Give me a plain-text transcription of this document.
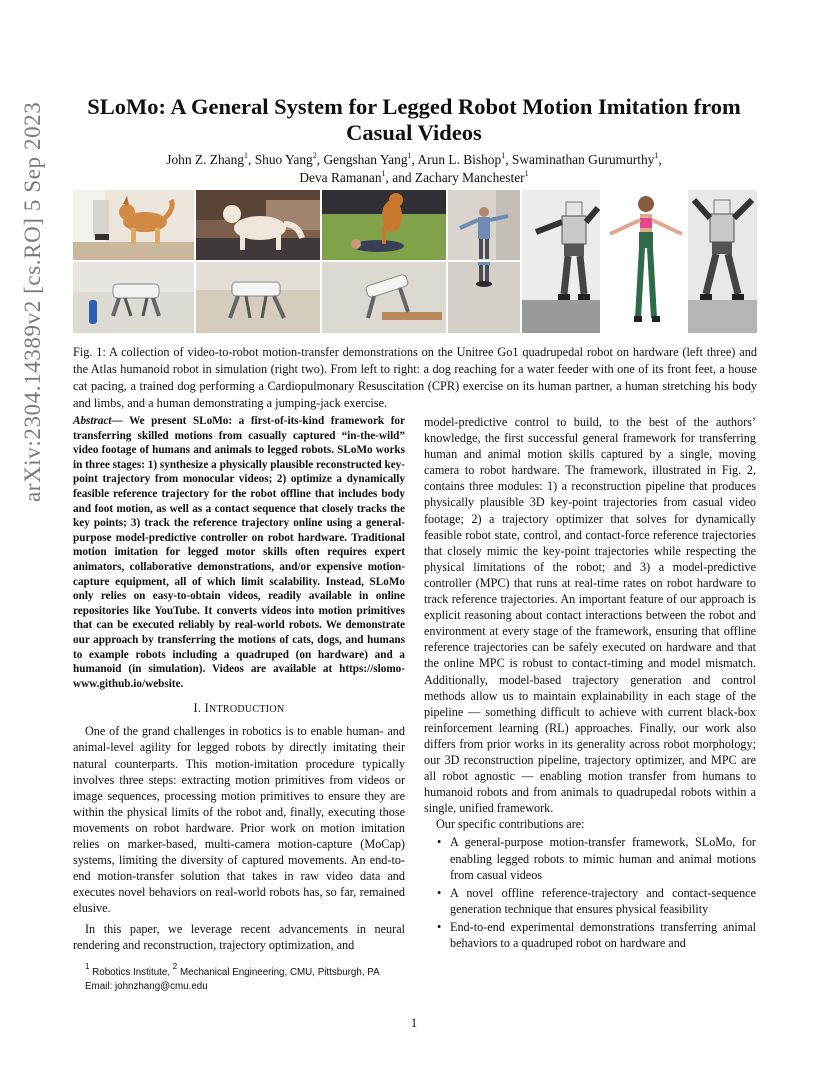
arXiv:2304.14389v2 [cs.RO] 5 Sep 2023	SLoMo: A General System for Legged Robot Motion Imitation from
Casual Videos
John Z. Zhang$^1$, Shuo Yang$^2$, Gengshan Yang$^1$, Arun L. Bishop$^1$, Swaminathan Gurumurthy$^1$,
Deva Ramanan$^1$, and Zachary Manchester$^1$
Fig. 1: A collection of video-to-robot motion-transfer demonstrations on the Unitree Go1 quadrupedal robot on hardware (left three) and the Atlas humanoid robot in simulation (right two). From left to right: a dog reaching for a water feeder with one of its front feet, a house cat pacing, a trained dog performing a Cardiopulmonary Resuscitation (CPR) exercise on its human partner, a human stretching his body and limbs, and a human demonstrating a jumping-jack exercise.

Abstract— We present SLoMo: a first-of-its-kind framework for transferring skilled motions from casually captured “in-the-wild” video footage of humans and animals to legged robots. SLoMo works in three stages: 1) synthesize a physically plausible reconstructed key-point trajectory from monocular videos; 2) optimize a dynamically feasible reference trajectory for the robot offline that includes body and foot motion, as well as a contact sequence that closely tracks the key points; 3) track the reference trajectory online using a general-purpose model-predictive controller on robot hardware. Traditional motion imitation for legged motor skills often requires expert animators, collaborative demonstrations, and/or expensive motion-capture equipment, all of which limit scalability. Instead, SLoMo only relies on easy-to-obtain videos, readily available in online repositories like YouTube. It converts videos into motion primitives that can be executed reliably by real-world robots. We demonstrate our approach by transferring the motions of cats, dogs, and humans to example robots including a quadruped (on hardware) and a humanoid (in simulation). Videos are available at https://slomo-www.github.io/website.

I. INTRODUCTION

One of the grand challenges in robotics is to enable human- and animal-level agility for legged robots by directly imitating their natural counterparts. This motion-imitation procedure typically involves three steps: extracting motion primitives from videos or image sequences, processing motion primitives to ensure they are within the physical limits of the robot and, finally, executing those movements on robot hardware. Prior work on motion imitation relies on marker-based, multi-camera motion-capture (MoCap) systems, limiting the diversity of captured movements. An end-to-end motion-transfer solution that takes in raw video data and executes novel behaviors on real-world robots has, so far, remained elusive.

In this paper, we leverage recent advancements in neural rendering and reconstruction, trajectory optimization, and

model-predictive control to build, to the best of the authors’ knowledge, the first successful general framework for transferring human and animal motion skills captured by a single, moving camera to robot hardware. The framework, illustrated in Fig. 2, contains three modules: 1) a reconstruction pipeline that produces physically plausible 3D key-point trajectories from casual video footage; 2) a trajectory optimizer that solves for dynamically feasible robot state, control, and contact-force reference trajectories that closely mimic the key-point trajectories while respecting the physical limitations of the robot; and 3) a model-predictive controller (MPC) that runs at real-time rates on robot hardware to track reference trajectories. An important feature of our approach is explicit reasoning about contact interactions between the robot and environment at every stage of the framework, ensuring that offline reference trajectories can be safely executed on hardware and that the online MPC is robust to contact-timing and model mismatch. Additionally, model-based trajectory generation and control methods allow us to maintain explainability in each stage of the pipeline — something difficult to achieve with current black-box reinforcement learning (RL) approaches. Finally, our work also differs from prior works in its generality across robot morphology; our 3D reconstruction pipeline, trajectory optimizer, and MPC are all robot agnostic — enabling motion transfer from humans to humanoid robots and from animals to quadrupedal robots within a single, unified framework.

Our specific contributions are:

• A general-purpose motion-transfer framework, SLoMo, for enabling legged robots to mimic human and animal motions from casual videos
• A novel offline reference-trajectory and contact-sequence generation technique that ensures physical feasibility
• End-to-end experimental demonstrations transferring animal behaviors to a quadruped robot on hardware and
$^1$ Robotics Institute, $^2$ Mechanical Engineering, CMU, Pittsburgh, PA
Email: johnzhang@cmu.edu
1
